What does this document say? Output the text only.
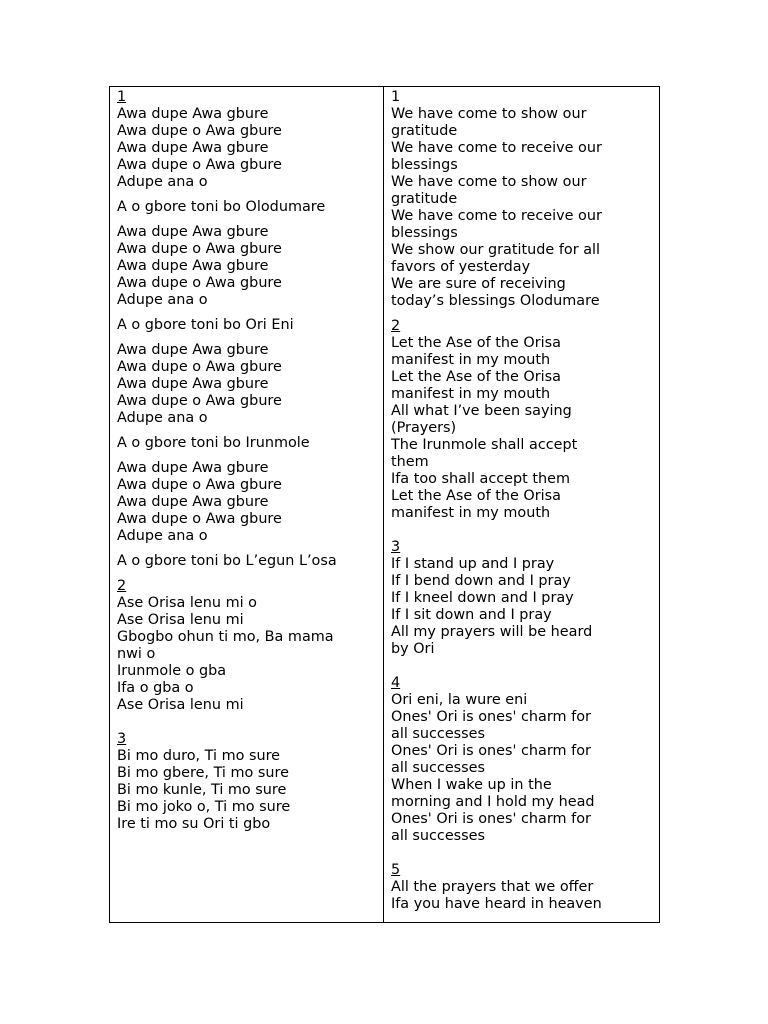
1
Awa dupe Awa gbure
Awa dupe o Awa gbure
Awa dupe Awa gbure
Awa dupe o Awa gbure
Adupe ana o
A o gbore toni bo Olodumare
Awa dupe Awa gbure
Awa dupe o Awa gbure
Awa dupe Awa gbure
Awa dupe o Awa gbure
Adupe ana o
A o gbore toni bo Ori Eni
Awa dupe Awa gbure
Awa dupe o Awa gbure
Awa dupe Awa gbure
Awa dupe o Awa gbure
Adupe ana o
A o gbore toni bo Irunmole
Awa dupe Awa gbure
Awa dupe o Awa gbure
Awa dupe Awa gbure
Awa dupe o Awa gbure
Adupe ana o
A o gbore toni bo L’egun L’osa
2
Ase Orisa lenu mi o
Ase Orisa lenu mi
Gbogbo ohun ti mo, Ba mama
nwi o
Irunmole o gba
Ifa o gba o
Ase Orisa lenu mi
3
Bi mo duro, Ti mo sure
Bi mo gbere, Ti mo sure
Bi mo kunle, Ti mo sure
Bi mo joko o, Ti mo sure
Ire ti mo su Ori ti gbo
1
We have come to show our
gratitude
We have come to receive our
blessings
We have come to show our
gratitude
We have come to receive our
blessings
We show our gratitude for all
favors of yesterday
We are sure of receiving
today’s blessings Olodumare
2
Let the Ase of the Orisa
manifest in my mouth
Let the Ase of the Orisa
manifest in my mouth
All what I’ve been saying
(Prayers)
The Irunmole shall accept
them
Ifa too shall accept them
Let the Ase of the Orisa
manifest in my mouth
3
If I stand up and I pray
If I bend down and I pray
If I kneel down and I pray
If I sit down and I pray
All my prayers will be heard
by Ori
4
Ori eni, la wure eni
Ones' Ori is ones' charm for
all successes
Ones' Ori is ones' charm for
all successes
When I wake up in the
morning and I hold my head
Ones' Ori is ones' charm for
all successes
5
All the prayers that we offer
Ifa you have heard in heaven
